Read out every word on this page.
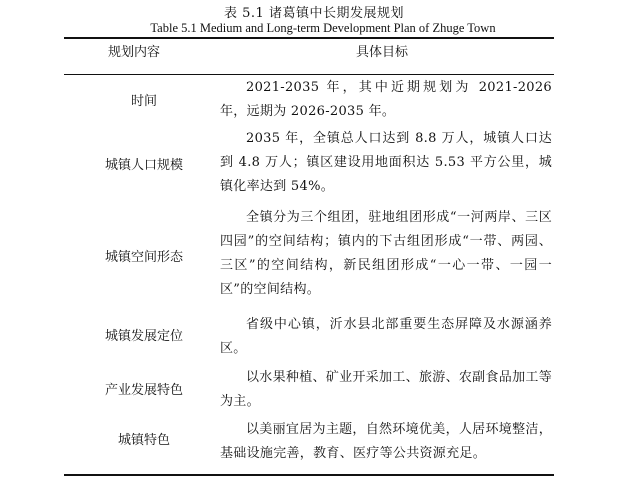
表 5.1 诸葛镇中长期发展规划
Table 5.1 Medium and Long-term Development Plan of Zhuge Town
规划内容	具体目标
时间
2021-2035 年，其中近期规划为 2021-2026 年，远期为 2026-2035 年。
城镇人口规模
2035 年，全镇总人口达到 8.8 万人，城镇人口达到 4.8 万人；镇区建设用地面积达 5.53 平方公里，城镇化率达到 54%。
城镇空间形态
全镇分为三个组团，驻地组团形成“一河两岸、三区四园”的空间结构；镇内的下古组团形成“一带、两园、三区”的空间结构，新民组团形成“一心一带、一园一区”的空间结构。
城镇发展定位
省级中心镇，沂水县北部重要生态屏障及水源涵养区。
产业发展特色
以水果种植、矿业开采加工、旅游、农副食品加工等为主。
城镇特色
以美丽宜居为主题，自然环境优美，人居环境整洁，基础设施完善，教育、医疗等公共资源充足。
